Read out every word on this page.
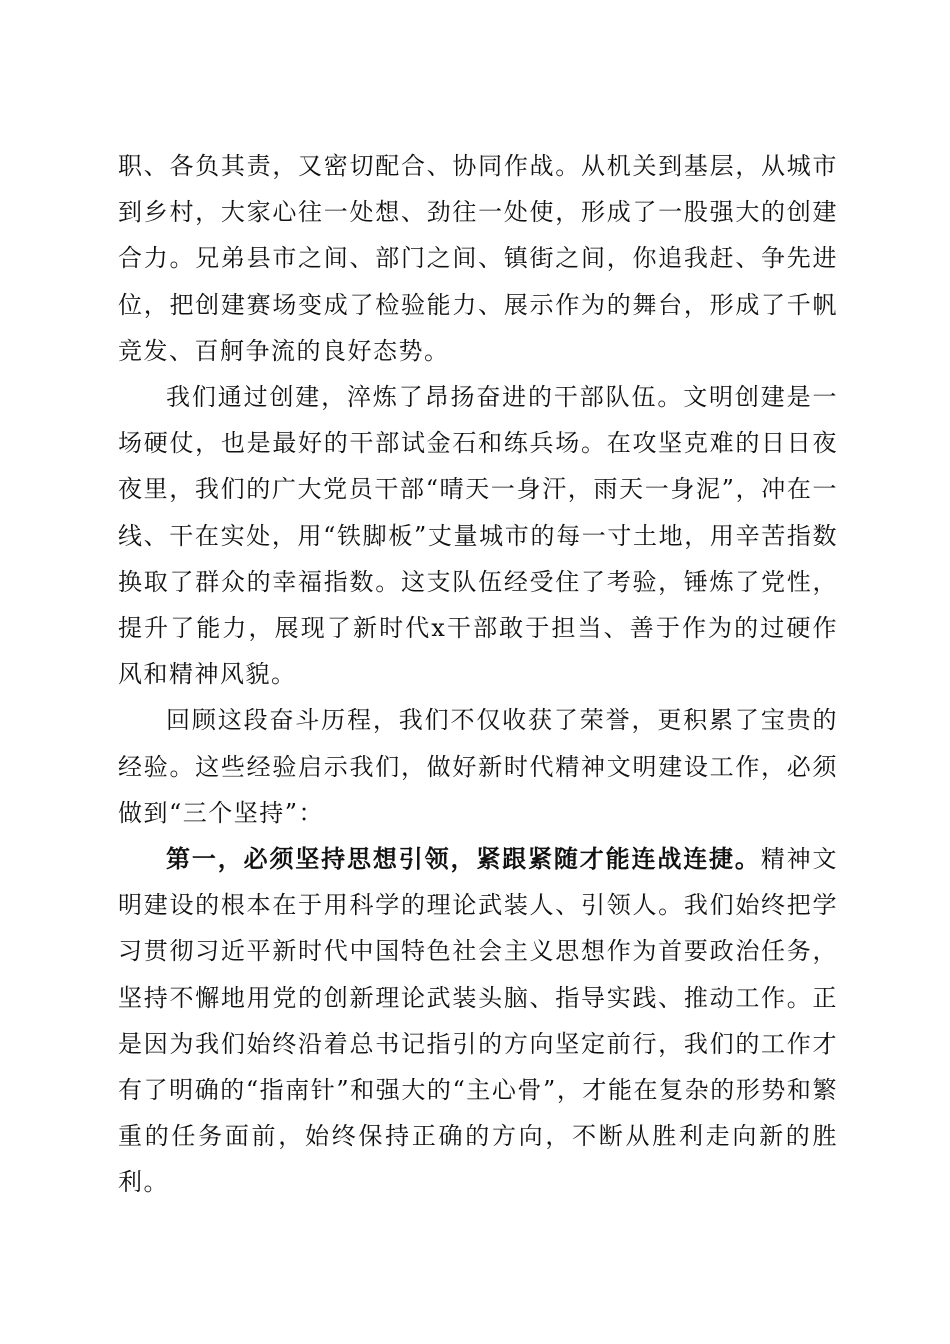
职、各负其责，又密切配合、协同作战。从机关到基层，从城市到乡村，大家心往一处想、劲往一处使，形成了一股强大的创建合力。兄弟县市之间、部门之间、镇街之间，你追我赶、争先进位，把创建赛场变成了检验能力、展示作为的舞台，形成了千帆竞发、百舸争流的良好态势。

我们通过创建，淬炼了昂扬奋进的干部队伍。文明创建是一场硬仗，也是最好的干部试金石和练兵场。在攻坚克难的日日夜夜里，我们的广大党员干部“晴天一身汗，雨天一身泥”，冲在一线、干在实处，用“铁脚板”丈量城市的每一寸土地，用辛苦指数换取了群众的幸福指数。这支队伍经受住了考验，锤炼了党性，提升了能力，展现了新时代x干部敢于担当、善于作为的过硬作风和精神风貌。

回顾这段奋斗历程，我们不仅收获了荣誉，更积累了宝贵的经验。这些经验启示我们，做好新时代精神文明建设工作，必须做到“三个坚持”：

第一，必须坚持思想引领，紧跟紧随才能连战连捷。精神文明建设的根本在于用科学的理论武装人、引领人。我们始终把学习贯彻习近平新时代中国特色社会主义思想作为首要政治任务，坚持不懈地用党的创新理论武装头脑、指导实践、推动工作。正是因为我们始终沿着总书记指引的方向坚定前行，我们的工作才有了明确的“指南针”和强大的“主心骨”，才能在复杂的形势和繁重的任务面前，始终保持正确的方向，不断从胜利走向新的胜利。
